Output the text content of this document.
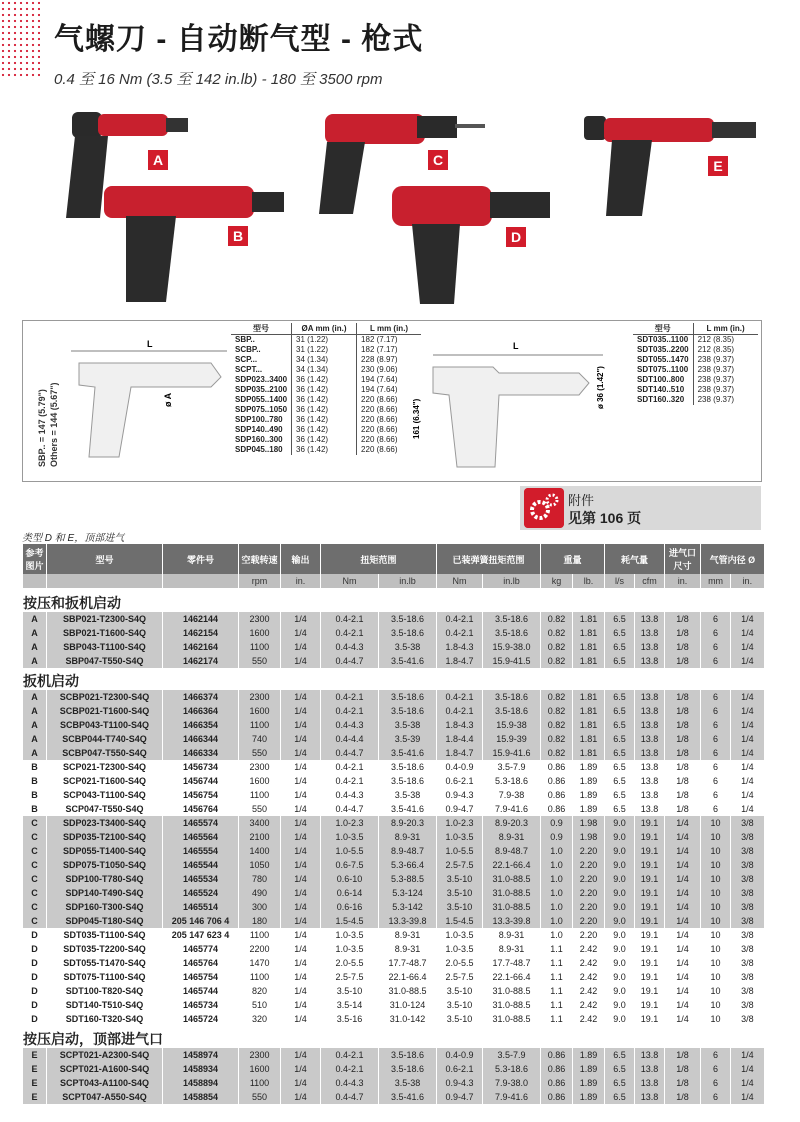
气螺刀 - 自动断气型 - 枪式
0.4 至 16 Nm (3.5 至 142 in.lb) - 180 至 3500 rpm
A
B
C
D
E
SBP.. = 147 (5.79") Others = 144 (5.67")
L
ø A
型号	ØA mm (in.)	L mm (in.)
SBP..	31 (1.22)	182 (7.17)
SCBP..	31 (1.22)	182 (7.17)
SCP...	34 (1.34)	228 (8.97)
SCPT...	34 (1.34)	230 (9.06)
SDP023..3400	36 (1.42)	194 (7.64)
SDP035..2100	36 (1.42)	194 (7.64)
SDP055..1400	36 (1.42)	220 (8.66)
SDP075..1050	36 (1.42)	220 (8.66)
SDP100..780	36 (1.42)	220 (8.66)
SDP140..490	36 (1.42)	220 (8.66)
SDP160..300	36 (1.42)	220 (8.66)
SDP045..180	36 (1.42)	220 (8.66)
L
161 (6.34")
ø 36 (1.42")
型号	L mm (in.)
SDT035..1100	212 (8.35)
SDT035..2200	212 (8.35)
SDT055..1470	238 (9.37)
SDT075..1100	238 (9.37)
SDT100..800	238 (9.37)
SDT140..510	238 (9.37)
SDT160..320	238 (9.37)
附件
见第 106 页
类型 D 和 E，顶部进气
参考图片	型号	零件号	空载转速	输出	扭矩范围		已装弹簧扭矩范围		重量		耗气量		进气口尺寸	气管内径 Ø	
			rpm	in.	Nm	in.lb	Nm	in.lb	kg	lb.	l/s	cfm	in.	mm	in.
按压和扳机启动															
A	SBP021-T2300-S4Q	1462144	2300	1/4	0.4-2.1	3.5-18.6	0.4-2.1	3.5-18.6	0.82	1.81	6.5	13.8	1/8	6	1/4
A	SBP021-T1600-S4Q	1462154	1600	1/4	0.4-2.1	3.5-18.6	0.4-2.1	3.5-18.6	0.82	1.81	6.5	13.8	1/8	6	1/4
A	SBP043-T1100-S4Q	1462164	1100	1/4	0.4-4.3	3.5-38	1.8-4.3	15.9-38.0	0.82	1.81	6.5	13.8	1/8	6	1/4
A	SBP047-T550-S4Q	1462174	550	1/4	0.4-4.7	3.5-41.6	1.8-4.7	15.9-41.5	0.82	1.81	6.5	13.8	1/8	6	1/4
扳机启动															
A	SCBP021-T2300-S4Q	1466374	2300	1/4	0.4-2.1	3.5-18.6	0.4-2.1	3.5-18.6	0.82	1.81	6.5	13.8	1/8	6	1/4
A	SCBP021-T1600-S4Q	1466364	1600	1/4	0.4-2.1	3.5-18.6	0.4-2.1	3.5-18.6	0.82	1.81	6.5	13.8	1/8	6	1/4
A	SCBP043-T1100-S4Q	1466354	1100	1/4	0.4-4.3	3.5-38	1.8-4.3	15.9-38	0.82	1.81	6.5	13.8	1/8	6	1/4
A	SCBP044-T740-S4Q	1466344	740	1/4	0.4-4.4	3.5-39	1.8-4.4	15.9-39	0.82	1.81	6.5	13.8	1/8	6	1/4
A	SCBP047-T550-S4Q	1466334	550	1/4	0.4-4.7	3.5-41.6	1.8-4.7	15.9-41.6	0.82	1.81	6.5	13.8	1/8	6	1/4
B	SCP021-T2300-S4Q	1456734	2300	1/4	0.4-2.1	3.5-18.6	0.4-0.9	3.5-7.9	0.86	1.89	6.5	13.8	1/8	6	1/4
B	SCP021-T1600-S4Q	1456744	1600	1/4	0.4-2.1	3.5-18.6	0.6-2.1	5.3-18.6	0.86	1.89	6.5	13.8	1/8	6	1/4
B	SCP043-T1100-S4Q	1456754	1100	1/4	0.4-4.3	3.5-38	0.9-4.3	7.9-38	0.86	1.89	6.5	13.8	1/8	6	1/4
B	SCP047-T550-S4Q	1456764	550	1/4	0.4-4.7	3.5-41.6	0.9-4.7	7.9-41.6	0.86	1.89	6.5	13.8	1/8	6	1/4
C	SDP023-T3400-S4Q	1465574	3400	1/4	1.0-2.3	8.9-20.3	1.0-2.3	8.9-20.3	0.9	1.98	9.0	19.1	1/4	10	3/8
C	SDP035-T2100-S4Q	1465564	2100	1/4	1.0-3.5	8.9-31	1.0-3.5	8.9-31	0.9	1.98	9.0	19.1	1/4	10	3/8
C	SDP055-T1400-S4Q	1465554	1400	1/4	1.0-5.5	8.9-48.7	1.0-5.5	8.9-48.7	1.0	2.20	9.0	19.1	1/4	10	3/8
C	SDP075-T1050-S4Q	1465544	1050	1/4	0.6-7.5	5.3-66.4	2.5-7.5	22.1-66.4	1.0	2.20	9.0	19.1	1/4	10	3/8
C	SDP100-T780-S4Q	1465534	780	1/4	0.6-10	5.3-88.5	3.5-10	31.0-88.5	1.0	2.20	9.0	19.1	1/4	10	3/8
C	SDP140-T490-S4Q	1465524	490	1/4	0.6-14	5.3-124	3.5-10	31.0-88.5	1.0	2.20	9.0	19.1	1/4	10	3/8
C	SDP160-T300-S4Q	1465514	300	1/4	0.6-16	5.3-142	3.5-10	31.0-88.5	1.0	2.20	9.0	19.1	1/4	10	3/8
C	SDP045-T180-S4Q	205 146 706 4	180	1/4	1.5-4.5	13.3-39.8	1.5-4.5	13.3-39.8	1.0	2.20	9.0	19.1	1/4	10	3/8
D	SDT035-T1100-S4Q	205 147 623 4	1100	1/4	1.0-3.5	8.9-31	1.0-3.5	8.9-31	1.0	2.20	9.0	19.1	1/4	10	3/8
D	SDT035-T2200-S4Q	1465774	2200	1/4	1.0-3.5	8.9-31	1.0-3.5	8.9-31	1.1	2.42	9.0	19.1	1/4	10	3/8
D	SDT055-T1470-S4Q	1465764	1470	1/4	2.0-5.5	17.7-48.7	2.0-5.5	17.7-48.7	1.1	2.42	9.0	19.1	1/4	10	3/8
D	SDT075-T1100-S4Q	1465754	1100	1/4	2.5-7.5	22.1-66.4	2.5-7.5	22.1-66.4	1.1	2.42	9.0	19.1	1/4	10	3/8
D	SDT100-T820-S4Q	1465744	820	1/4	3.5-10	31.0-88.5	3.5-10	31.0-88.5	1.1	2.42	9.0	19.1	1/4	10	3/8
D	SDT140-T510-S4Q	1465734	510	1/4	3.5-14	31.0-124	3.5-10	31.0-88.5	1.1	2.42	9.0	19.1	1/4	10	3/8
D	SDT160-T320-S4Q	1465724	320	1/4	3.5-16	31.0-142	3.5-10	31.0-88.5	1.1	2.42	9.0	19.1	1/4	10	3/8
按压启动，顶部进气口															
E	SCPT021-A2300-S4Q	1458974	2300	1/4	0.4-2.1	3.5-18.6	0.4-0.9	3.5-7.9	0.86	1.89	6.5	13.8	1/8	6	1/4
E	SCPT021-A1600-S4Q	1458934	1600	1/4	0.4-2.1	3.5-18.6	0.6-2.1	5.3-18.6	0.86	1.89	6.5	13.8	1/8	6	1/4
E	SCPT043-A1100-S4Q	1458894	1100	1/4	0.4-4.3	3.5-38	0.9-4.3	7.9-38.0	0.86	1.89	6.5	13.8	1/8	6	1/4
E	SCPT047-A550-S4Q	1458854	550	1/4	0.4-4.7	3.5-41.6	0.9-4.7	7.9-41.6	0.86	1.89	6.5	13.8	1/8	6	1/4
